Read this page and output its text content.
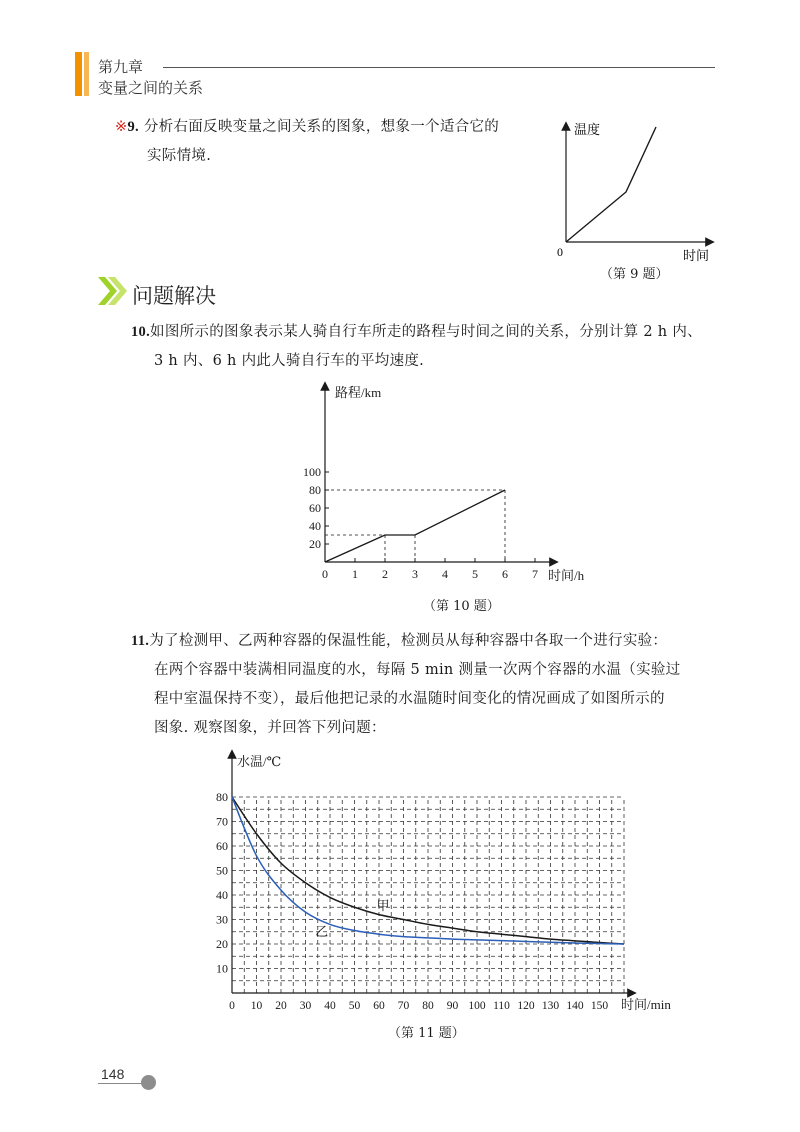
第九章
变量之间的关系
※9. 分析右面反映变量之间关系的图象，想象一个适合它的
实际情境.
温度
时间
0
（第 9 题）
问题解决
10.如图所示的图象表示某人骑自行车所走的路程与时间之间的关系，分别计算 2 h 内、
3 h 内、6 h 内此人骑自行车的平均速度.
20
40
60
80
100
0 1 2 3 4 5 6 7
路程/km
时间/h
（第 10 题）
11.为了检测甲、乙两种容器的保温性能，检测员从每种容器中各取一个进行实验：
在两个容器中装满相同温度的水，每隔 5 min 测量一次两个容器的水温（实验过
程中室温保持不变），最后他把记录的水温随时间变化的情况画成了如图所示的
图象. 观察图象，并回答下列问题：
10
20
30
40
50
60
70
80
0 10 20 30 40 50 60 70 80 90 100 110 120 130 140 150
甲
乙
水温/℃
时间/min
（第 11 题）
148
